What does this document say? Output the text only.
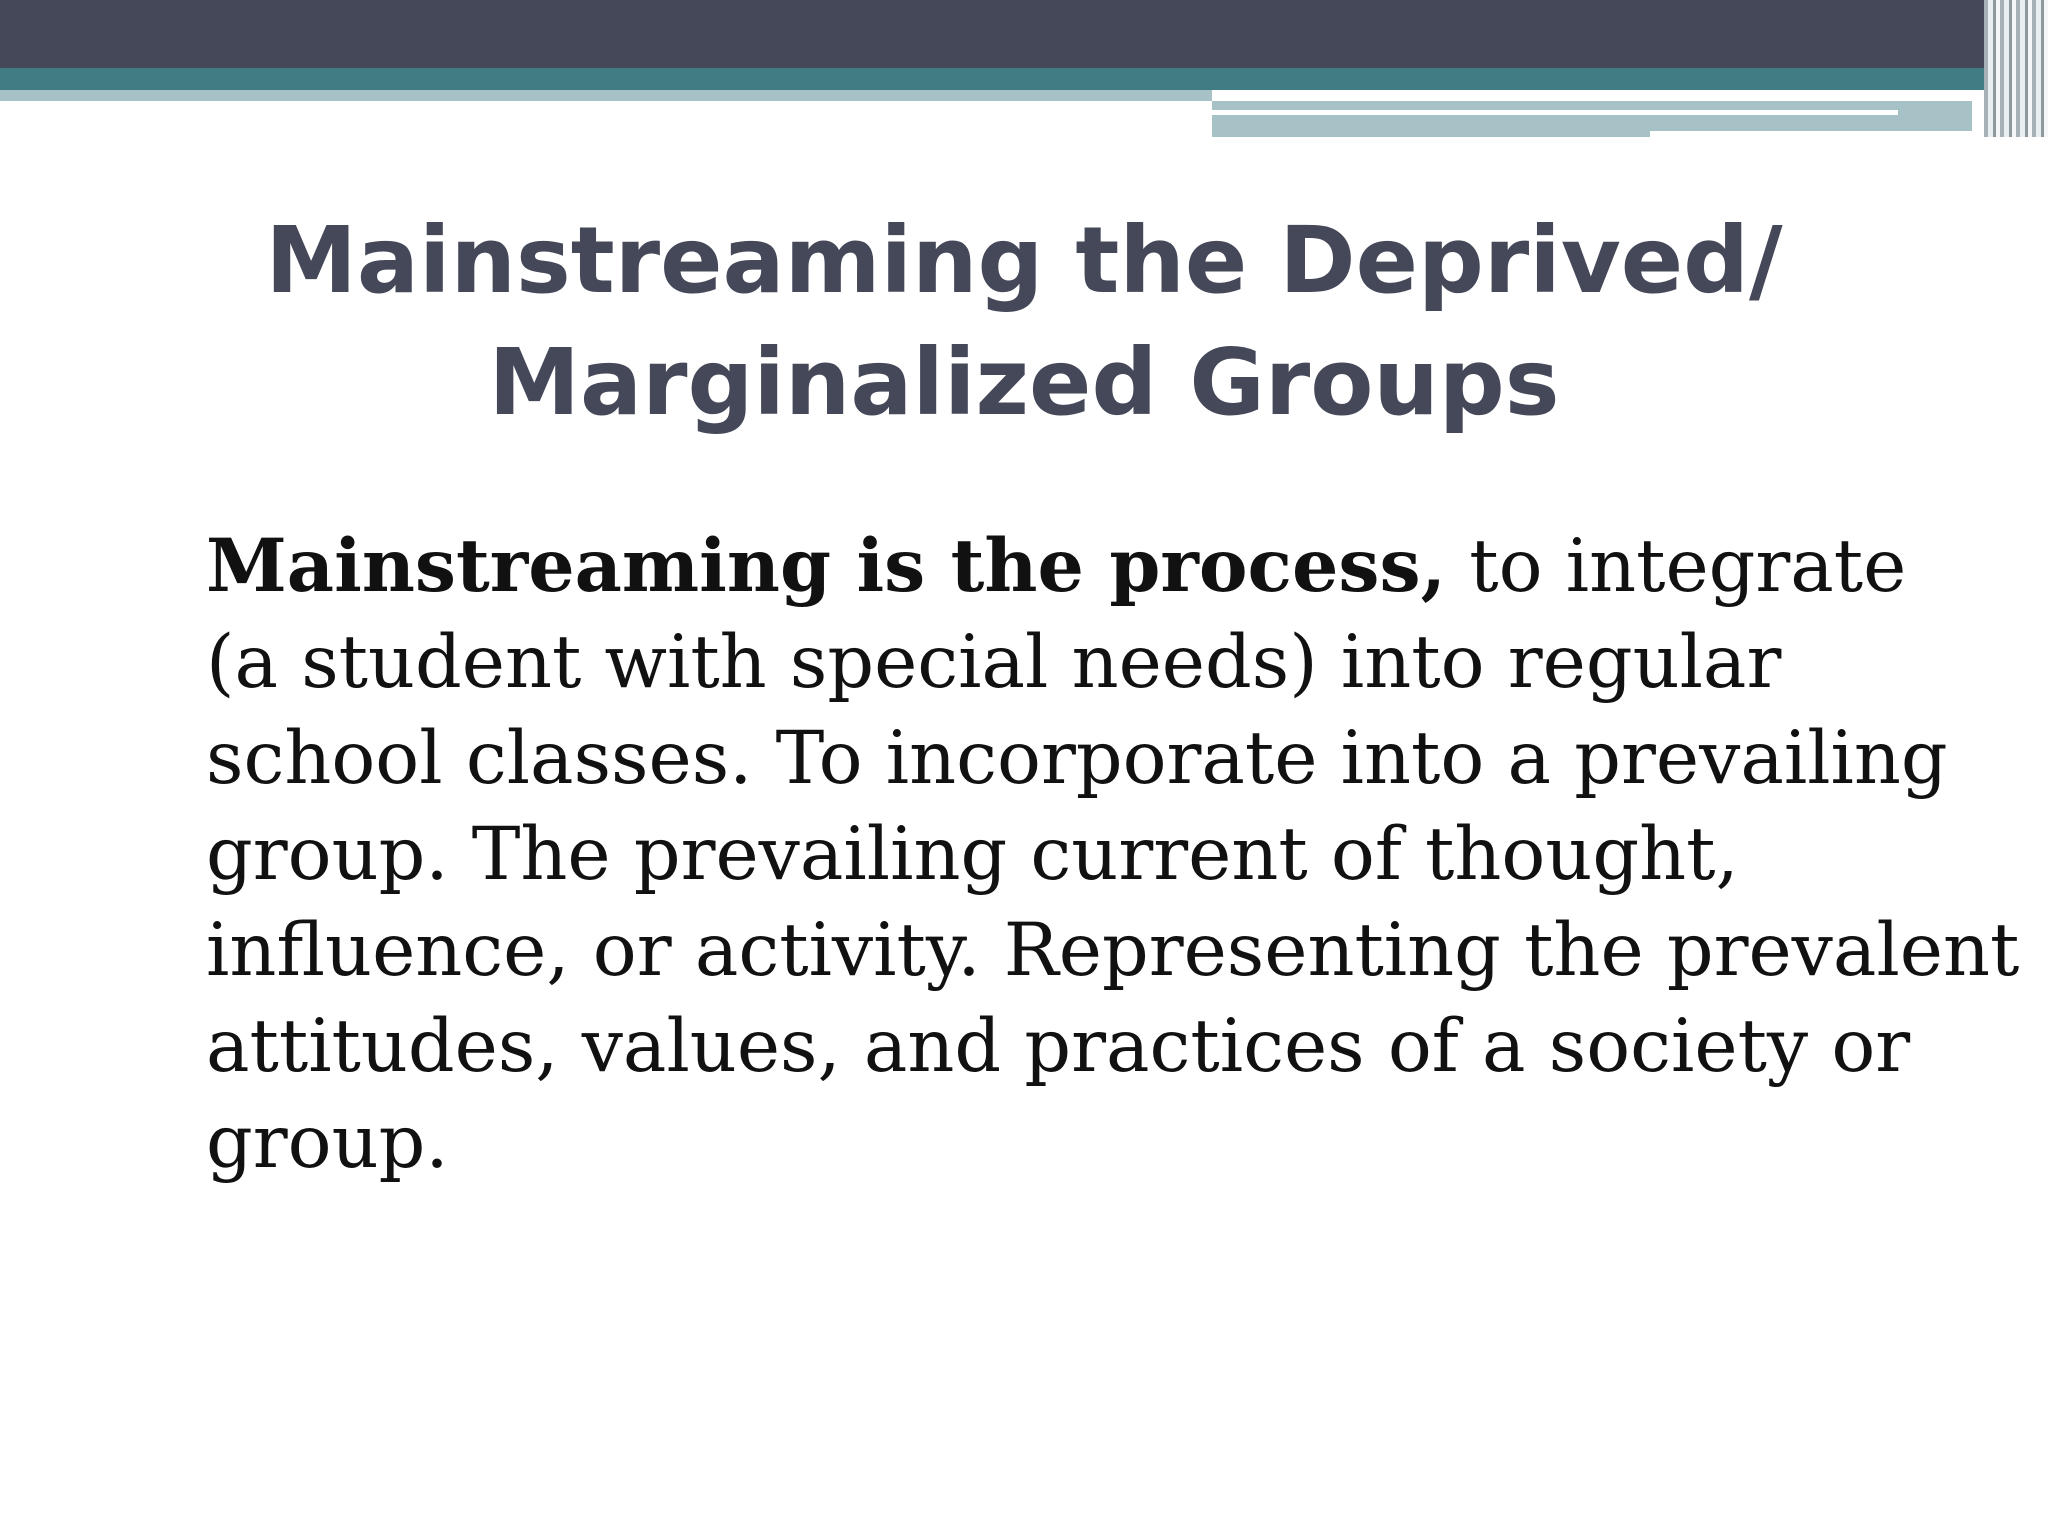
Mainstreaming the Deprived/
Marginalized Groups
Mainstreaming is the process, to integrate
(a student with special needs) into regular
school classes. To incorporate into a prevailing
group. The prevailing current of thought,
influence, or activity. Representing the prevalent
attitudes, values, and practices of a society or
group.
